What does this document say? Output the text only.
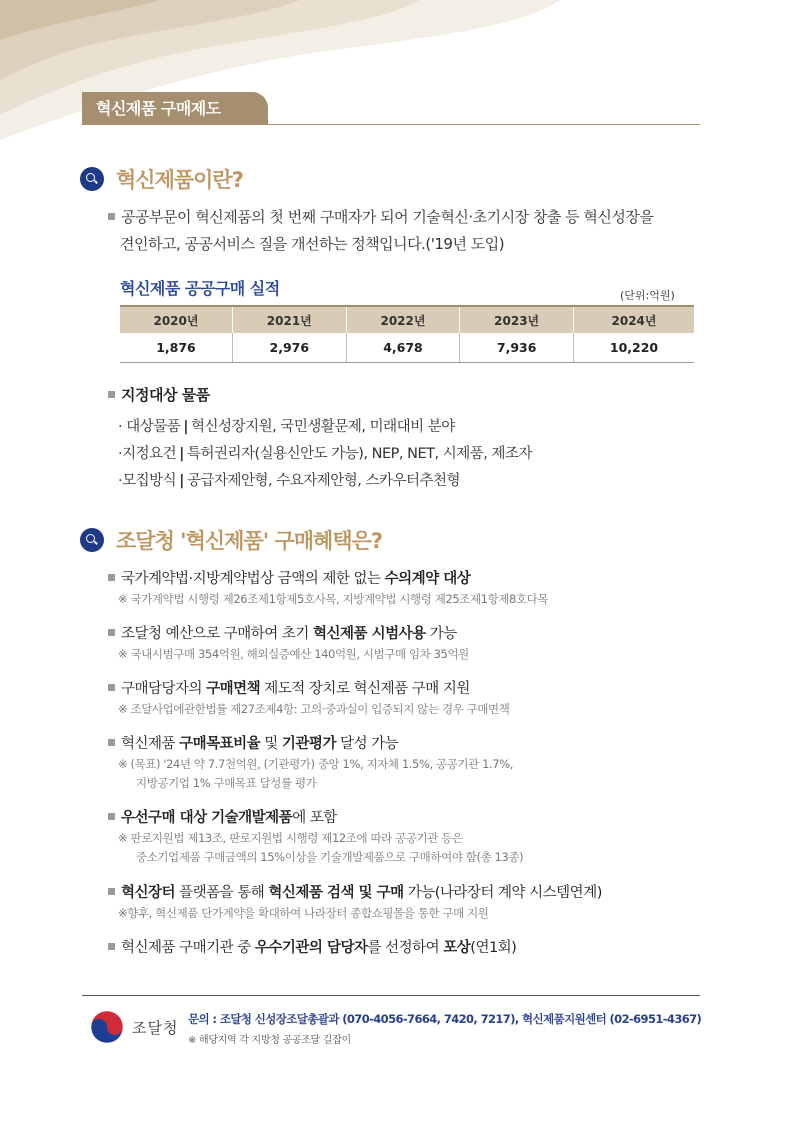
혁신제품 구매제도
혁신제품이란?
공공부문이 혁신제품의 첫 번째 구매자가 되어 기술혁신·초기시장 창출 등 혁신성장을
견인하고, 공공서비스 질을 개선하는 정책입니다.('19년 도입)
혁신제품 공공구매 실적	(단위:억원)
2020년	2021년	2022년	2023년	2024년
1,876	2,976	4,678	7,936	10,220
지정대상 물품
· 대상물품 | 혁신성장지원, 국민생활문제, 미래대비 분야
·지정요건 | 특허권리자(실용신안도 가능), NEP, NET, 시제품, 제조자
·모집방식 | 공급자제안형, 수요자제안형, 스카우터추천형
조달청 '혁신제품' 구매혜택은?
국가계약법·지방계약법상 금액의 제한 없는 수의계약 대상
※ 국가계약법 시행령 제26조제1항제5호사목, 지방계약법 시행령 제25조제1항제8호다목
조달청 예산으로 구매하여 초기 혁신제품 시범사용 가능
※ 국내시범구매 354억원, 해외실증예산 140억원, 시범구매 임차 35억원
구매담당자의 구매면책 제도적 장치로 혁신제품 구매 지원
※ 조달사업에관한법률 제27조제4항: 고의·중과실이 입증되지 않는 경우 구매면책
혁신제품 구매목표비율 및 기관평가 달성 가능
※ (목표) '24년 약 7.7천억원, (기관평가) 중앙 1%, 지자체 1.5%, 공공기관 1.7%,
지방공기업 1% 구매목표 달성률 평가
우선구매 대상 기술개발제품에 포함
※ 판로지원법 제13조, 판로지원법 시행령 제12조에 따라 공공기관 등은
중소기업제품 구매금액의 15%이상을 기술개발제품으로 구매하여야 함(총 13종)
혁신장터 플랫폼을 통해 혁신제품 검색 및 구매 가능(나라장터 계약 시스템연계)
※향후, 혁신제품 단가계약을 확대하여 나라장터 종합쇼핑몰을 통한 구매 지원
혁신제품 구매기관 중 우수기관의 담당자를 선정하여 포상(연1회)
조달청 문의 : 조달청 신성장조달총괄과 (070-4056-7664, 7420, 7217), 혁신제품지원센터 (02-6951-4367)
※ 해당지역 각 지방청 공공조달 길잡이
